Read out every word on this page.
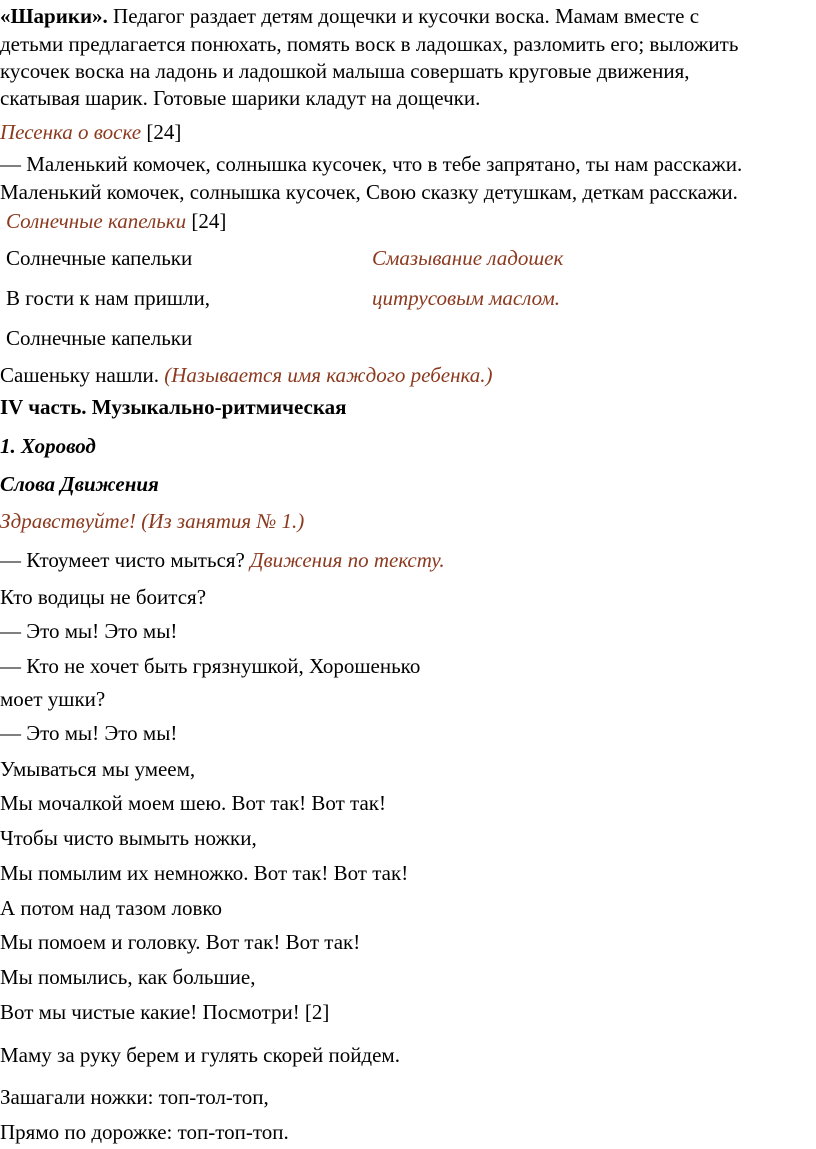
«Шарики». Педагог раздает детям дощечки и кусочки воска. Мамам вместе с
детьми предлагается понюхать, помять воск в ладошках, разломить его; выложить
кусочек воска на ладонь и ладошкой малыша совершать круговые движения,
скатывая шарик. Готовые шарики кладут на дощечки.
Песенка о воске [24]
— Маленький комочек, солнышка кусочек, что в тебе запрятано, ты нам расскажи.
Маленький комочек, солнышка кусочек, Свою сказку детушкам, деткам расскажи.
Солнечные капельки [24]
Солнечные капельки	Смазывание ладошек
В гости к нам пришли,	цитрусовым маслом.
Солнечные капельки
Сашеньку нашли. (Называется имя каждого ребенка.)
IV часть. Музыкально-ритмическая
1. Хоровод
Слова Движения
Здравствуйте! (Из занятия № 1.)
— Ктоумеет чисто мыться? Движения по тексту.
Кто водицы не боится?
— Это мы! Это мы!
— Кто не хочет быть грязнушкой, Хорошенько
моет ушки?
— Это мы! Это мы!
Умываться мы умеем,
Мы мочалкой моем шею. Вот так! Вот так!
Чтобы чисто вымыть ножки,
Мы помылим их немножко. Вот так! Вот так!
А потом над тазом ловко
Мы помоем и головку. Вот так! Вот так!
Мы помылись, как большие,
Вот мы чистые какие! Посмотри! [2]
Маму за руку берем и гулять скорей пойдем.
Зашагали ножки: топ-тол-топ,
Прямо по дорожке: топ-топ-топ.
